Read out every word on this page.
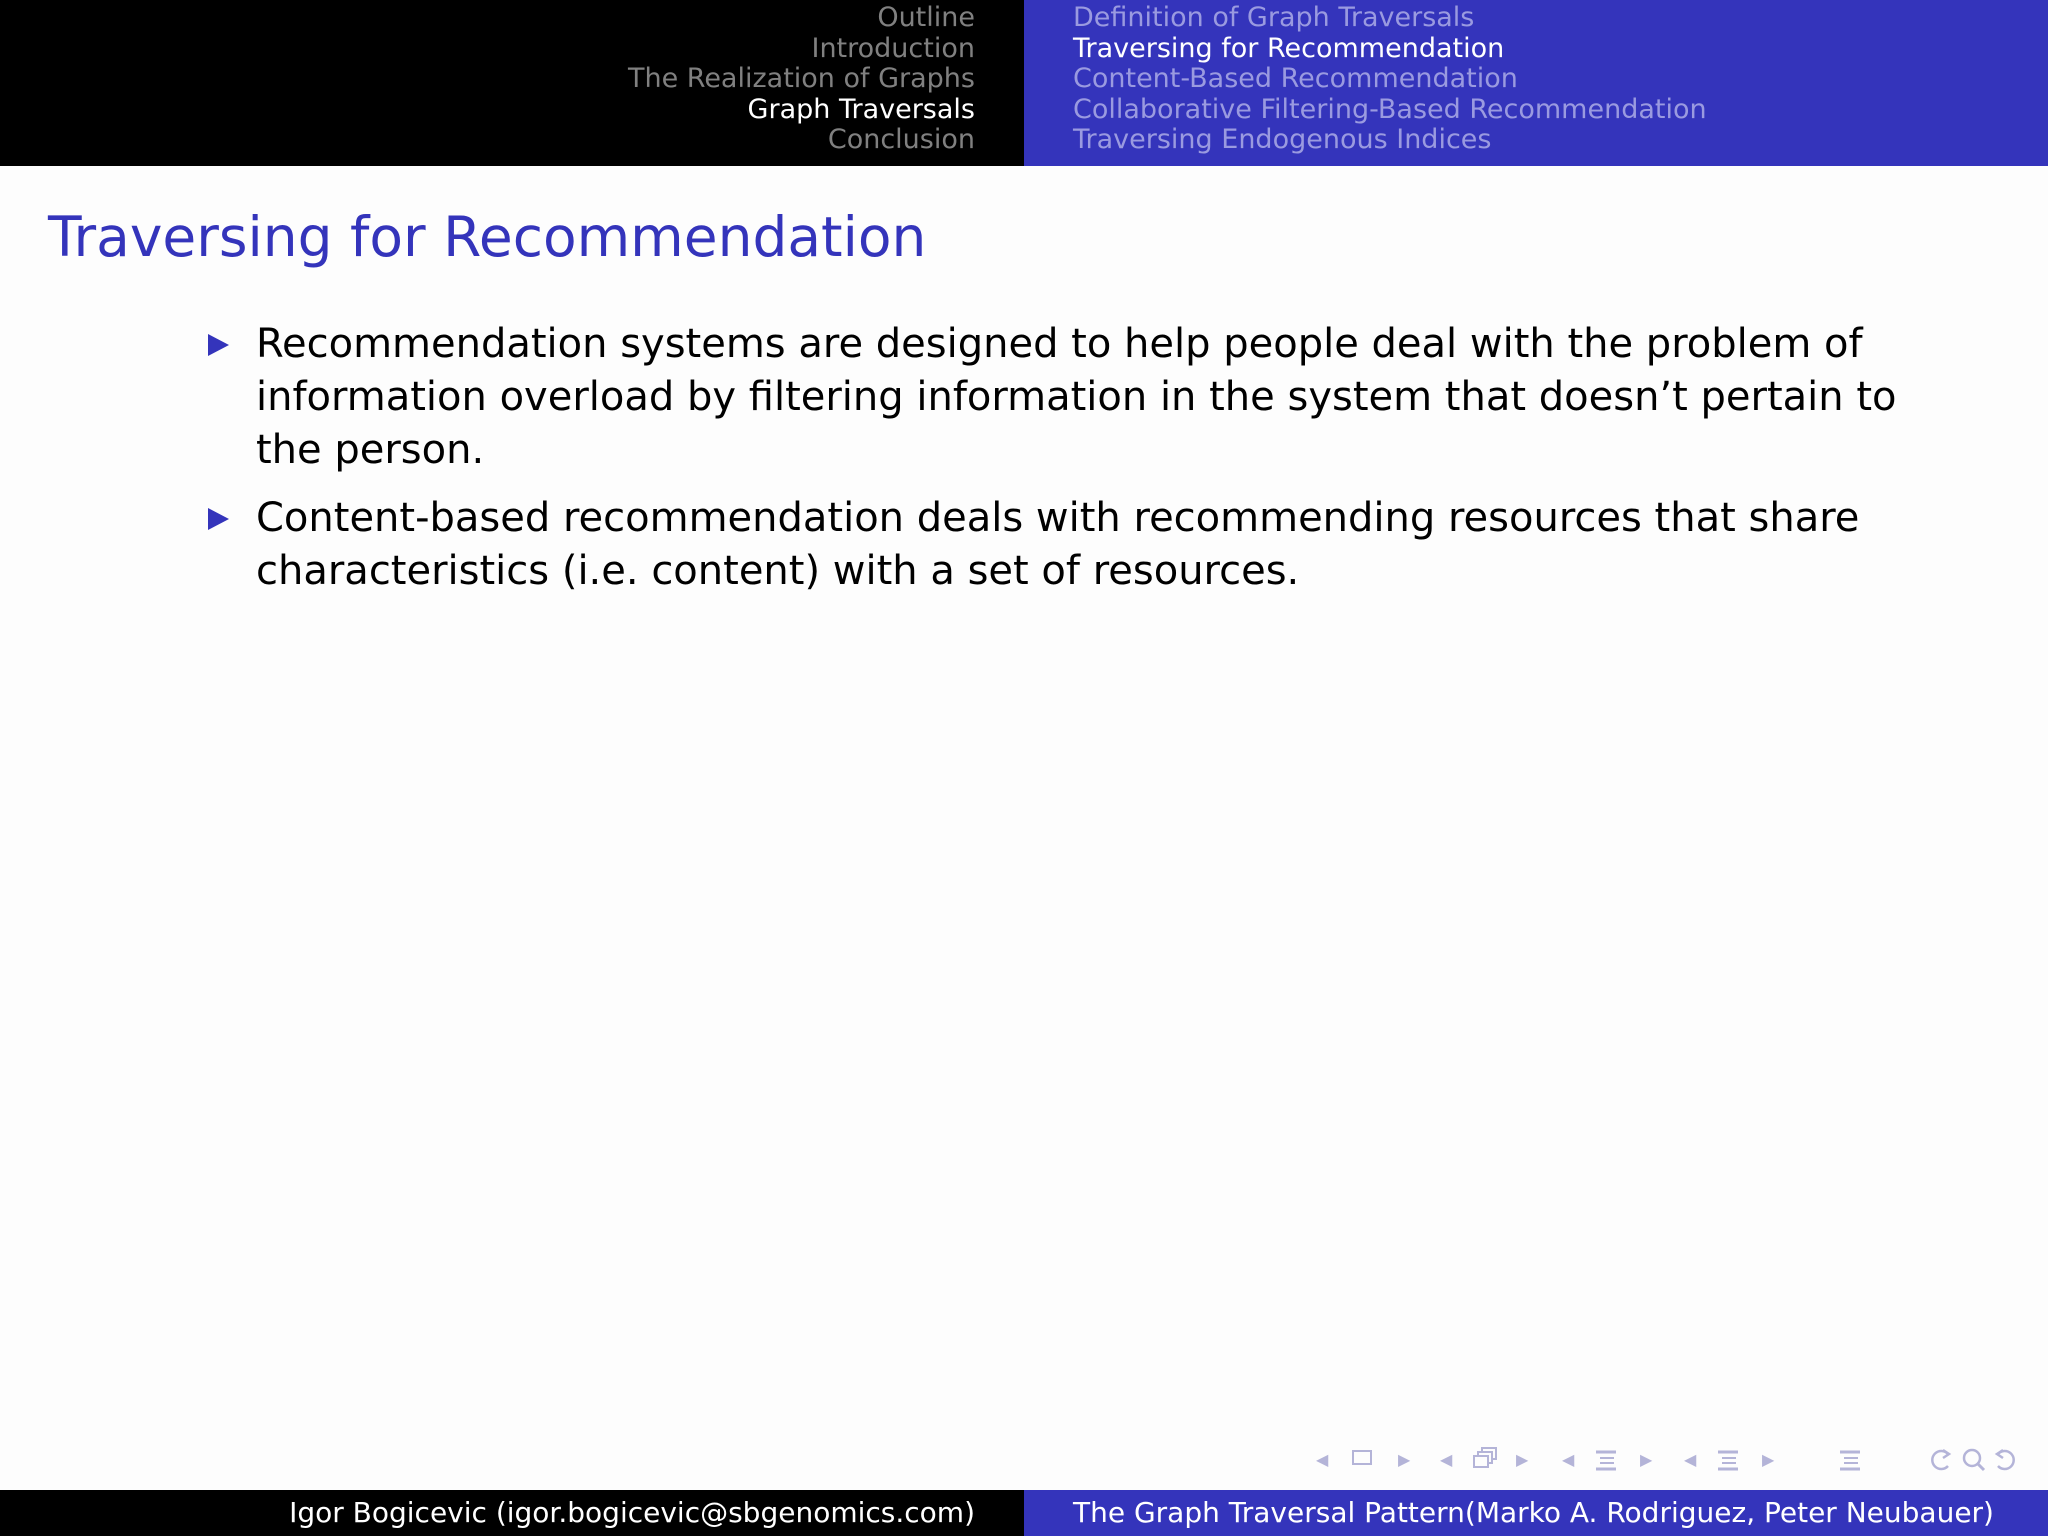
Outline
Introduction
The Realization of Graphs
Graph Traversals
Conclusion
Definition of Graph Traversals
Traversing for Recommendation
Content-Based Recommendation
Collaborative Filtering-Based Recommendation
Traversing Endogenous Indices
Traversing for Recommendation
Recommendation systems are designed to help people deal with the problem of information overload by filtering information in the system that doesn’t pertain to the person.
Content-based recommendation deals with recommending resources that share characteristics (i.e. content) with a set of resources.
◀	▶ ◀	▶ ◀	▶ ◀	▶
Igor Bogicevic (igor.bogicevic@sbgenomics.com)	The Graph Traversal Pattern(Marko A. Rodriguez, Peter Neubauer)
